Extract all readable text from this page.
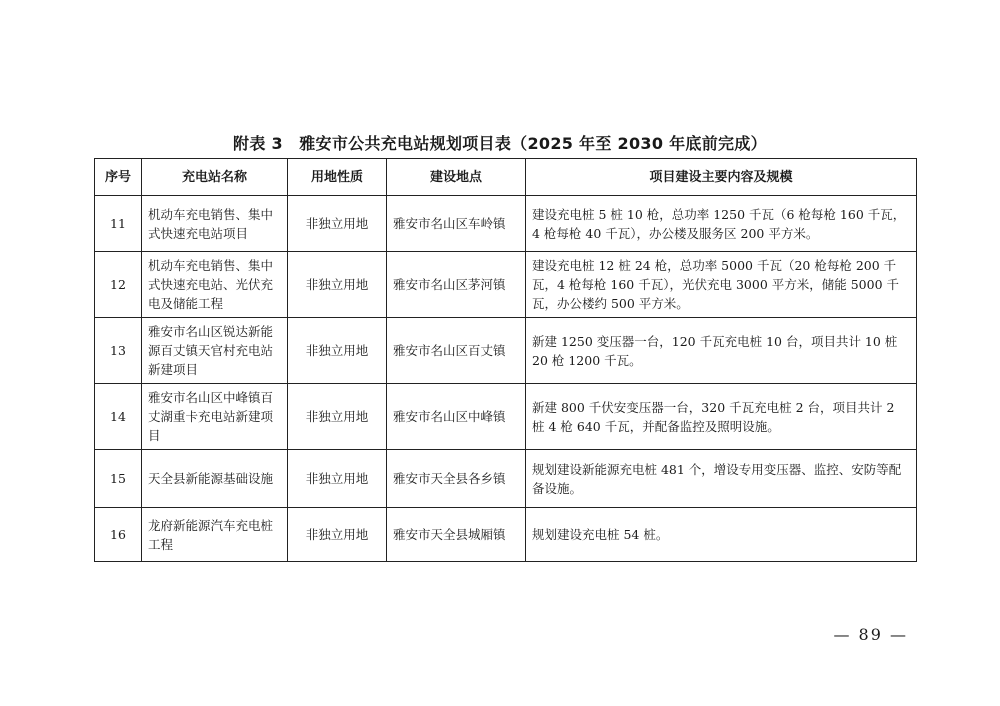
附表 3　雅安市公共充电站规划项目表（2025 年至 2030 年底前完成）
序号	充电站名称	用地性质	建设地点	项目建设主要内容及规模
11	机动车充电销售、集中式快速充电站项目	非独立用地	雅安市名山区车岭镇	建设充电桩 5 桩 10 枪，总功率 1250 千瓦（6 枪每枪 160 千瓦，4 枪每枪 40 千瓦），办公楼及服务区 200 平方米。
12	机动车充电销售、集中式快速充电站、光伏充电及储能工程	非独立用地	雅安市名山区茅河镇	建设充电桩 12 桩 24 枪，总功率 5000 千瓦（20 枪每枪 200 千瓦，4 枪每枪 160 千瓦），光伏充电 3000 平方米，储能 5000 千瓦，办公楼约 500 平方米。
13	雅安市名山区锐达新能源百丈镇天官村充电站新建项目	非独立用地	雅安市名山区百丈镇	新建 1250 变压器一台，120 千瓦充电桩 10 台，项目共计 10 桩 20 枪 1200 千瓦。
14	雅安市名山区中峰镇百丈湖重卡充电站新建项目	非独立用地	雅安市名山区中峰镇	新建 800 千伏安变压器一台，320 千瓦充电桩 2 台，项目共计 2 桩 4 枪 640 千瓦，并配备监控及照明设施。
15	天全县新能源基础设施	非独立用地	雅安市天全县各乡镇	规划建设新能源充电桩 481 个，增设专用变压器、监控、安防等配备设施。
16	龙府新能源汽车充电桩工程	非独立用地	雅安市天全县城厢镇	规划建设充电桩 54 桩。
— 89 —
